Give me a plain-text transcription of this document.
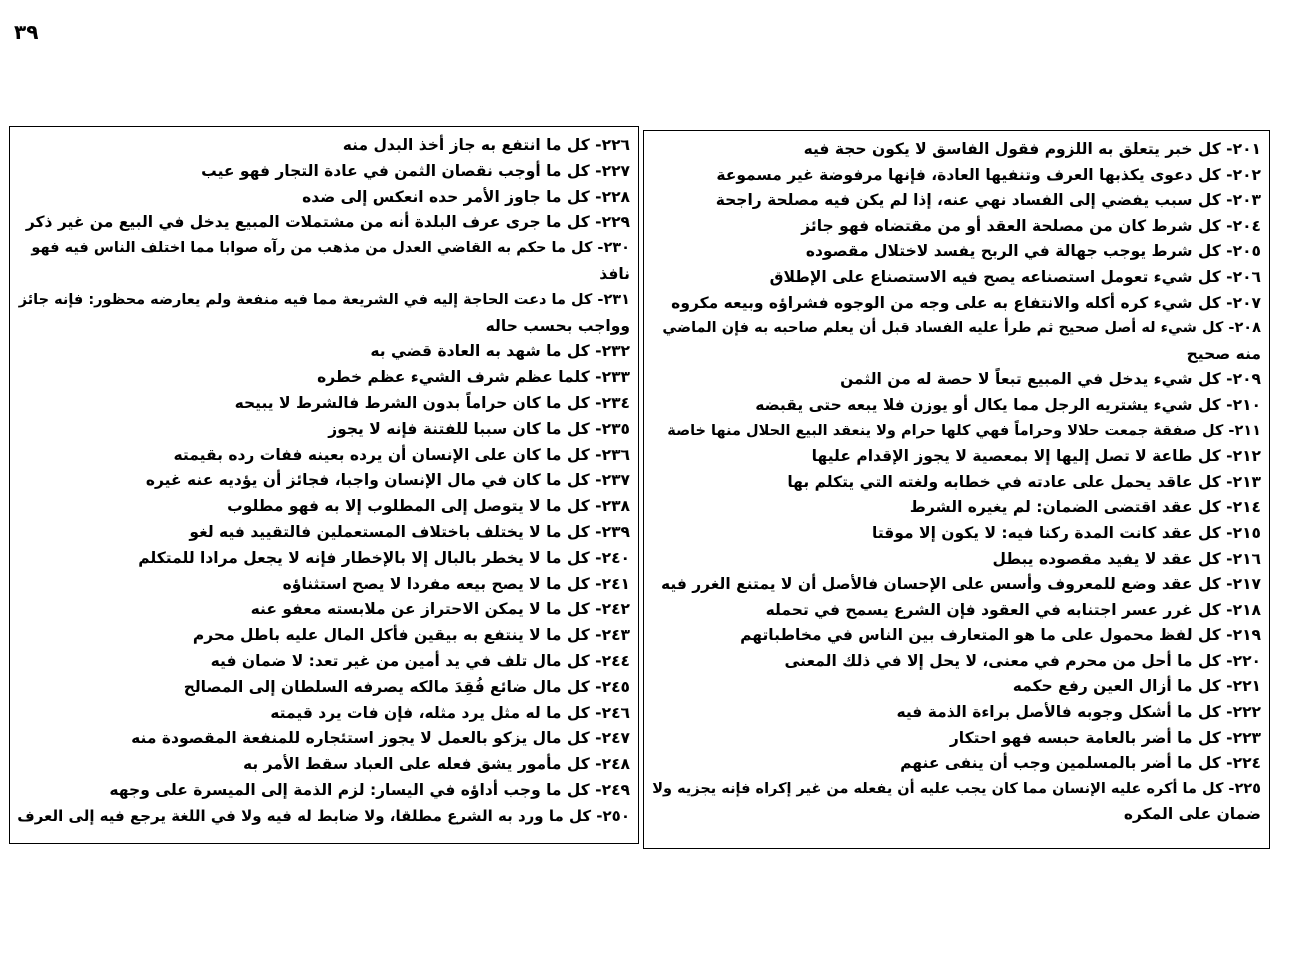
٣٩
٢٠١- كل خبر يتعلق به اللزوم فقول الفاسق لا يكون حجة فيه
٢٠٢- كل دعوى يكذبها العرف وتنفيها العادة، فإنها مرفوضة غير مسموعة
٢٠٣- كل سبب يفضي إلى الفساد نهي عنه، إذا لم يكن فيه مصلحة راجحة
٢٠٤- كل شرط كان من مصلحة العقد أو من مقتضاه فهو جائز
٢٠٥- كل شرط يوجب جهالة في الربح يفسد لاختلال مقصوده
٢٠٦- كل شيء تعومل استصناعه يصح فيه الاستصناع على الإطلاق
٢٠٧- كل شيء كره أكله والانتفاع به على وجه من الوجوه فشراؤه وبيعه مكروه
٢٠٨- كل شيء له أصل صحيح ثم طرأ عليه الفساد قبل أن يعلم صاحبه به فإن الماضي
منه صحيح
٢٠٩- كل شيء يدخل في المبيع تبعاً لا حصة له من الثمن
٢١٠- كل شيء يشتريه الرجل مما يكال أو يوزن فلا يبعه حتى يقبضه
٢١١- كل صفقة جمعت حلالا وحراماً فهي كلها حرام ولا ينعقد البيع الحلال منها خاصة
٢١٢- كل طاعة لا تصل إليها إلا بمعصية لا يجوز الإقدام عليها
٢١٣- كل عاقد يحمل على عادته في خطابه ولغته التي يتكلم بها
٢١٤- كل عقد اقتضى الضمان: لم يغيره الشرط
٢١٥- كل عقد كانت المدة ركنا فيه: لا يكون إلا موقتا
٢١٦- كل عقد لا يفيد مقصوده يبطل
٢١٧- كل عقد وضع للمعروف وأسس على الإحسان فالأصل أن لا يمتنع الغرر فيه
٢١٨- كل غرر عسر اجتنابه في العقود فإن الشرع يسمح في تحمله
٢١٩- كل لفظ محمول على ما هو المتعارف بين الناس في مخاطباتهم
٢٢٠- كل ما أحل من محرم في معنى، لا يحل إلا في ذلك المعنى
٢٢١- كل ما أزال العين رفع حكمه
٢٢٢- كل ما أشكل وجوبه فالأصل براءة الذمة فيه
٢٢٣- كل ما أضر بالعامة حبسه فهو احتكار
٢٢٤- كل ما أضر بالمسلمين وجب أن ينفى عنهم
٢٢٥- كل ما أكره عليه الإنسان مما كان يجب عليه أن يفعله من غير إكراه فإنه يجزيه ولا
ضمان على المكره
٢٢٦- كل ما انتفع به جاز أخذ البدل منه
٢٢٧- كل ما أوجب نقصان الثمن في عادة التجار فهو عيب
٢٢٨- كل ما جاوز الأمر حده انعكس إلى ضده
٢٢٩- كل ما جرى عرف البلدة أنه من مشتملات المبيع يدخل في البيع من غير ذكر
٢٣٠- كل ما حكم به القاضي العدل من مذهب من رآه صوابا مما اختلف الناس فيه فهو
نافذ
٢٣١- كل ما دعت الحاجة إليه في الشريعة مما فيه منفعة ولم يعارضه محظور: فإنه جائز
وواجب بحسب حاله
٢٣٢- كل ما شهد به العادة قضي به
٢٣٣- كلما عظم شرف الشيء عظم خطره
٢٣٤- كل ما كان حراماً بدون الشرط فالشرط لا يبيحه
٢٣٥- كل ما كان سببا للفتنة فإنه لا يجوز
٢٣٦- كل ما كان على الإنسان أن يرده بعينه ففات رده بقيمته
٢٣٧- كل ما كان في مال الإنسان واجبا، فجائز أن يؤديه عنه غيره
٢٣٨- كل ما لا يتوصل إلى المطلوب إلا به فهو مطلوب
٢٣٩- كل ما لا يختلف باختلاف المستعملين فالتقييد فيه لغو
٢٤٠- كل ما لا يخطر بالبال إلا بالإخطار فإنه لا يجعل مرادا للمتكلم
٢٤١- كل ما لا يصح بيعه مفردا لا يصح استثناؤه
٢٤٢- كل ما لا يمكن الاحتراز عن ملابسته معفو عنه
٢٤٣- كل ما لا ينتفع به بيقين فأكل المال عليه باطل محرم
٢٤٤- كل مال تلف في يد أمين من غير تعد: لا ضمان فيه
٢٤٥- كل مال ضائع فُقِدَ مالكه يصرفه السلطان إلى المصالح
٢٤٦- كل ما له مثل يرد مثله، فإن فات يرد قيمته
٢٤٧- كل مال يزكو بالعمل لا يجوز استئجاره للمنفعة المقصودة منه
٢٤٨- كل مأمور يشق فعله على العباد سقط الأمر به
٢٤٩- كل ما وجب أداؤه في اليسار: لزم الذمة إلى الميسرة على وجهه
٢٥٠- كل ما ورد به الشرع مطلقا، ولا ضابط له فيه ولا في اللغة يرجع فيه إلى العرف
